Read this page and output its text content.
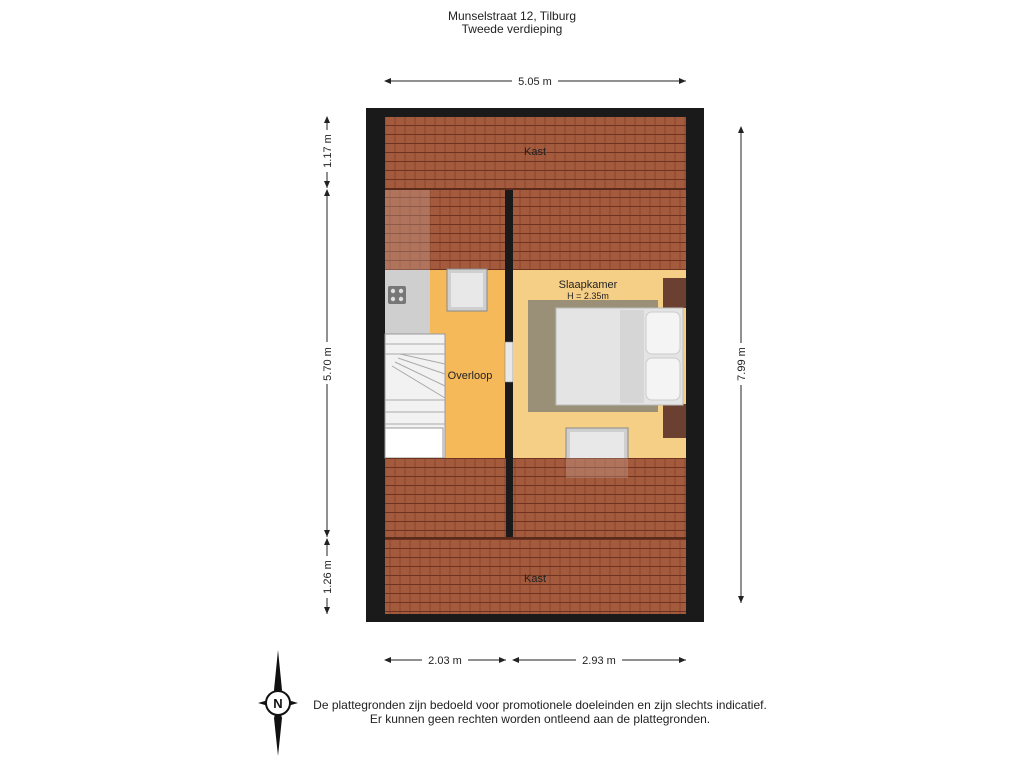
Munselstraat 12, Tilburg
Tweede verdieping
Kast
Kast
Slaapkamer
H = 2.35m
Overloop
5.05 m
1.17 m
5.70 m
1.26 m
7.99 m
2.03 m	2.93 m
N	De plattegronden zijn bedoeld voor promotionele doeleinden en zijn slechts indicatief.
Er kunnen geen rechten worden ontleend aan de plattegronden.
